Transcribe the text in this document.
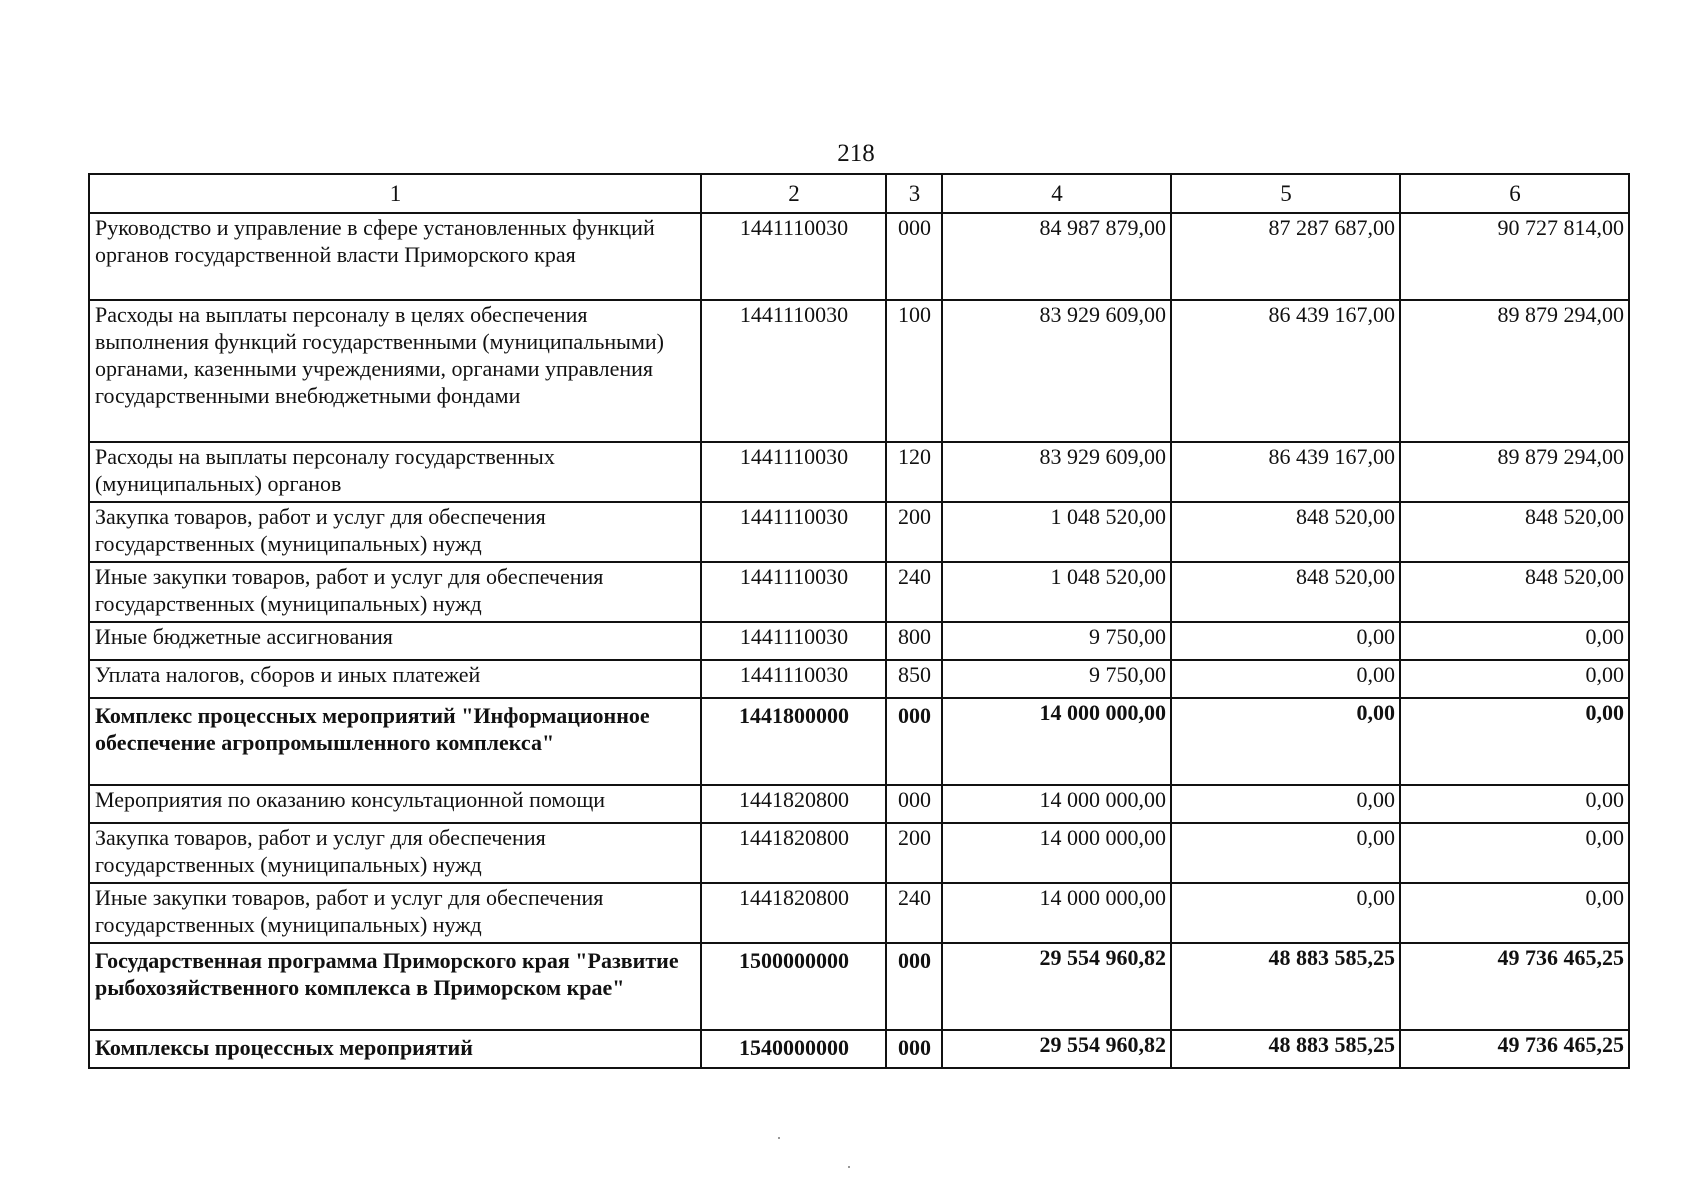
218
1	2	3	4	5	6
Руководство и управление в сфере установленных функций органов государственной власти Приморского края	1441110030	000	84 987 879,00	87 287 687,00	90 727 814,00
Расходы на выплаты персоналу в целях обеспечения выполнения функций государственными (муниципальными) органами, казенными учреждениями, органами управления государственными внебюджетными фондами	1441110030	100	83 929 609,00	86 439 167,00	89 879 294,00
Расходы на выплаты персоналу государственных (муниципальных) органов	1441110030	120	83 929 609,00	86 439 167,00	89 879 294,00
Закупка товаров, работ и услуг для обеспечения государственных (муниципальных) нужд	1441110030	200	1 048 520,00	848 520,00	848 520,00
Иные закупки товаров, работ и услуг для обеспечения государственных (муниципальных) нужд	1441110030	240	1 048 520,00	848 520,00	848 520,00
Иные бюджетные ассигнования	1441110030	800	9 750,00	0,00	0,00
Уплата налогов, сборов и иных платежей	1441110030	850	9 750,00	0,00	0,00
Комплекс процессных мероприятий "Информационное обеспечение агропромышленного комплекса"	1441800000	000	14 000 000,00	0,00	0,00
Мероприятия по оказанию консультационной помощи	1441820800	000	14 000 000,00	0,00	0,00
Закупка товаров, работ и услуг для обеспечения государственных (муниципальных) нужд	1441820800	200	14 000 000,00	0,00	0,00
Иные закупки товаров, работ и услуг для обеспечения государственных (муниципальных) нужд	1441820800	240	14 000 000,00	0,00	0,00
Государственная программа Приморского края "Развитие рыбохозяйственного комплекса в Приморском крае"	1500000000	000	29 554 960,82	48 883 585,25	49 736 465,25
Комплексы процессных мероприятий	1540000000	000	29 554 960,82	48 883 585,25	49 736 465,25
